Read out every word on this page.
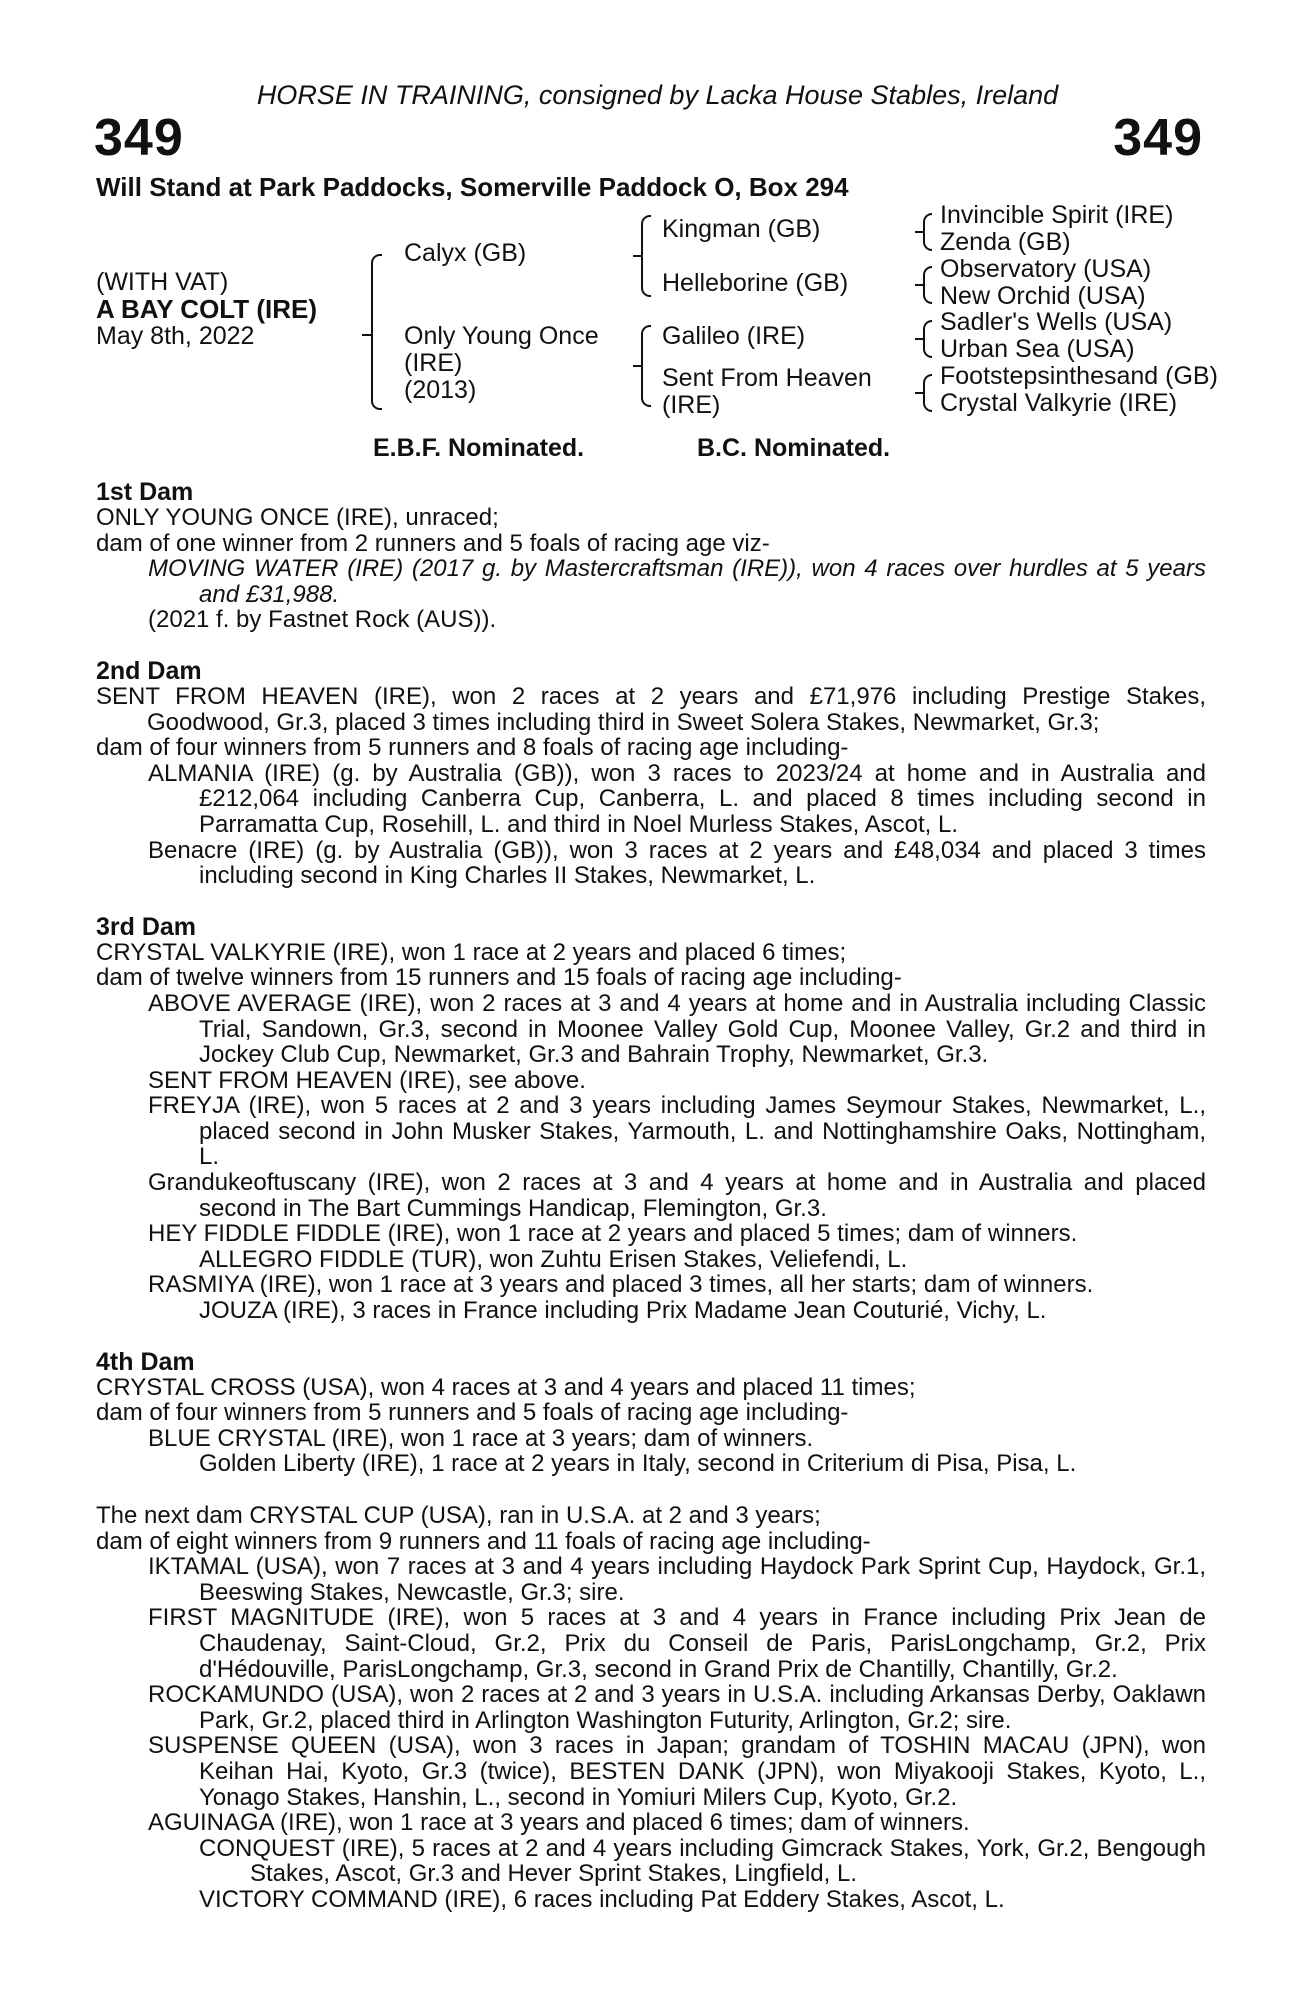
HORSE IN TRAINING, consigned by Lacka House Stables, Ireland
349	349
Will Stand at Park Paddocks, Somerville Paddock O, Box 294
(WITH VAT)
A BAY COLT (IRE)
May 8th, 2022
Calyx (GB)
Only Young Once
(IRE)
(2013)
Kingman (GB)
Helleborine (GB)
Galileo (IRE)
Sent From Heaven
(IRE)
Invincible Spirit (IRE)
Zenda (GB)
Observatory (USA)
New Orchid (USA)
Sadler's Wells (USA)
Urban Sea (USA)
Footstepsinthesand (GB)
Crystal Valkyrie (IRE)
E.B.F. Nominated.	B.C. Nominated.
1st Dam
ONLY YOUNG ONCE (IRE), unraced;
dam of one winner from 2 runners and 5 foals of racing age viz-
MOVING WATER (IRE) (2017 g. by Mastercraftsman (IRE)), won 4 races over hurdles at 5 years and £31,988.
(2021 f. by Fastnet Rock (AUS)).
2nd Dam
SENT FROM HEAVEN (IRE), won 2 races at 2 years and £71,976 including Prestige Stakes, Goodwood, Gr.3, placed 3 times including third in Sweet Solera Stakes, Newmarket, Gr.3;
dam of four winners from 5 runners and 8 foals of racing age including-
ALMANIA (IRE) (g. by Australia (GB)), won 3 races to 2023/24 at home and in Australia and £212,064 including Canberra Cup, Canberra, L. and placed 8 times including second in Parramatta Cup, Rosehill, L. and third in Noel Murless Stakes, Ascot, L.
Benacre (IRE) (g. by Australia (GB)), won 3 races at 2 years and £48,034 and placed 3 times including second in King Charles II Stakes, Newmarket, L.
3rd Dam
CRYSTAL VALKYRIE (IRE), won 1 race at 2 years and placed 6 times;
dam of twelve winners from 15 runners and 15 foals of racing age including-
ABOVE AVERAGE (IRE), won 2 races at 3 and 4 years at home and in Australia including Classic Trial, Sandown, Gr.3, second in Moonee Valley Gold Cup, Moonee Valley, Gr.2 and third in Jockey Club Cup, Newmarket, Gr.3 and Bahrain Trophy, Newmarket, Gr.3.
SENT FROM HEAVEN (IRE), see above.
FREYJA (IRE), won 5 races at 2 and 3 years including James Seymour Stakes, Newmarket, L., placed second in John Musker Stakes, Yarmouth, L. and Nottinghamshire Oaks, Nottingham, L.
Grandukeoftuscany (IRE), won 2 races at 3 and 4 years at home and in Australia and placed second in The Bart Cummings Handicap, Flemington, Gr.3.
HEY FIDDLE FIDDLE (IRE), won 1 race at 2 years and placed 5 times; dam of winners.
ALLEGRO FIDDLE (TUR), won Zuhtu Erisen Stakes, Veliefendi, L.
RASMIYA (IRE), won 1 race at 3 years and placed 3 times, all her starts; dam of winners.
JOUZA (IRE), 3 races in France including Prix Madame Jean Couturié, Vichy, L.
4th Dam
CRYSTAL CROSS (USA), won 4 races at 3 and 4 years and placed 11 times;
dam of four winners from 5 runners and 5 foals of racing age including-
BLUE CRYSTAL (IRE), won 1 race at 3 years; dam of winners.
Golden Liberty (IRE), 1 race at 2 years in Italy, second in Criterium di Pisa, Pisa, L.
The next dam CRYSTAL CUP (USA), ran in U.S.A. at 2 and 3 years;
dam of eight winners from 9 runners and 11 foals of racing age including-
IKTAMAL (USA), won 7 races at 3 and 4 years including Haydock Park Sprint Cup, Haydock, Gr.1, Beeswing Stakes, Newcastle, Gr.3; sire.
FIRST MAGNITUDE (IRE), won 5 races at 3 and 4 years in France including Prix Jean de Chaudenay, Saint-Cloud, Gr.2, Prix du Conseil de Paris, ParisLongchamp, Gr.2, Prix d'Hédouville, ParisLongchamp, Gr.3, second in Grand Prix de Chantilly, Chantilly, Gr.2.
ROCKAMUNDO (USA), won 2 races at 2 and 3 years in U.S.A. including Arkansas Derby, Oaklawn Park, Gr.2, placed third in Arlington Washington Futurity, Arlington, Gr.2; sire.
SUSPENSE QUEEN (USA), won 3 races in Japan; grandam of TOSHIN MACAU (JPN), won Keihan Hai, Kyoto, Gr.3 (twice), BESTEN DANK (JPN), won Miyakooji Stakes, Kyoto, L., Yonago Stakes, Hanshin, L., second in Yomiuri Milers Cup, Kyoto, Gr.2.
AGUINAGA (IRE), won 1 race at 3 years and placed 6 times; dam of winners.
CONQUEST (IRE), 5 races at 2 and 4 years including Gimcrack Stakes, York, Gr.2, Bengough Stakes, Ascot, Gr.3 and Hever Sprint Stakes, Lingfield, L.
VICTORY COMMAND (IRE), 6 races including Pat Eddery Stakes, Ascot, L.
